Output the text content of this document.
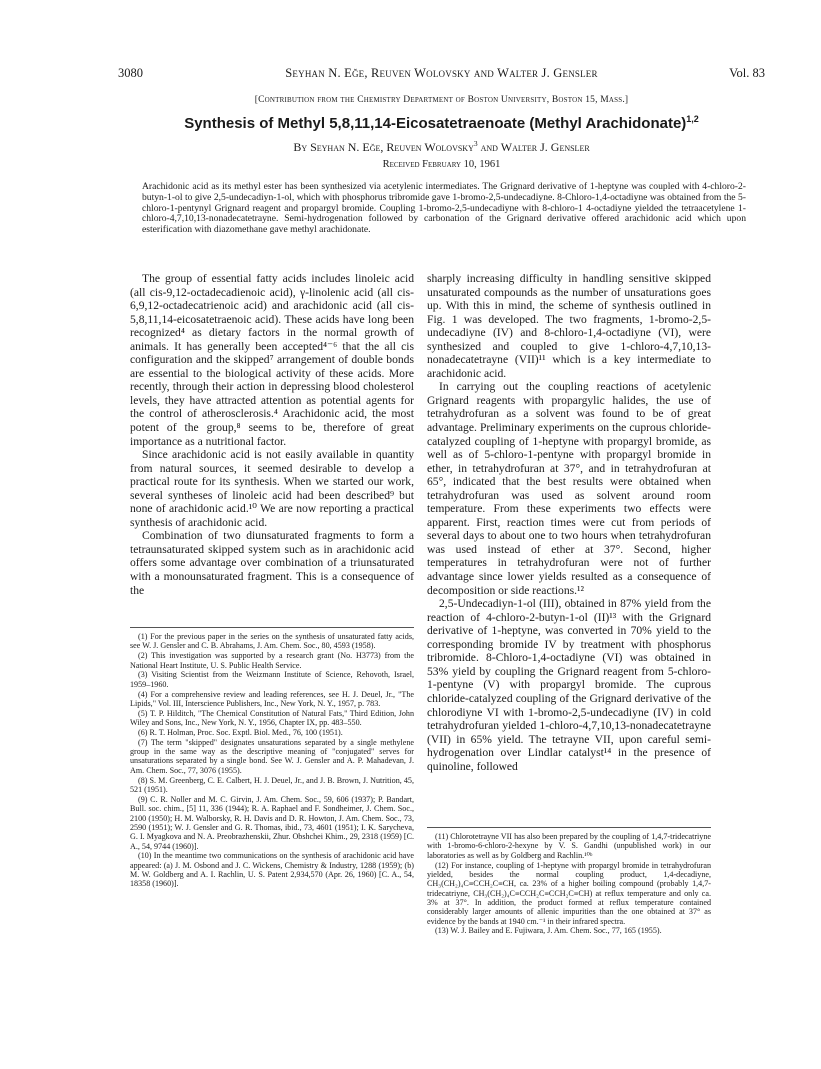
3080	Seyhan N. Eğe, Reuven Wolovsky and Walter J. Gensler	Vol. 83
[Contribution from the Chemistry Department of Boston University, Boston 15, Mass.]
Synthesis of Methyl 5,8,11,14-Eicosatetraenoate (Methyl Arachidonate)$^{1,2}$
By Seyhan N. Eğe, Reuven Wolovsky$^3$ and Walter J. Gensler
Received February 10, 1961
Arachidonic acid as its methyl ester has been synthesized via acetylenic intermediates. The Grignard derivative of 1-heptyne was coupled with 4-chloro-2-butyn-1-ol to give 2,5-undecadiyn-1-ol, which with phosphorus tribromide gave 1-bromo-2,5-undecadiyne. 8-Chloro-1,4-octadiyne was obtained from the 5-chloro-1-pentynyl Grignard reagent and propargyl bromide. Coupling 1-bromo-2,5-undecadiyne with 8-chloro-1 4-octadiyne yielded the tetraacetylene 1-chloro-4,7,10,13-nonadecatetrayne. Semi-hydrogenation followed by carbonation of the Grignard derivative offered arachidonic acid which upon esterification with diazomethane gave methyl arachidonate.

The group of essential fatty acids includes linoleic acid (all cis-9,12-octadecadienoic acid), γ-linolenic acid (all cis-6,9,12-octadecatrienoic acid) and arachidonic acid (all cis-5,8,11,14-eicosatetraenoic acid). These acids have long been recognized⁴ as dietary factors in the normal growth of animals. It has generally been accepted⁴⁻⁶ that the all cis configuration and the skipped⁷ arrangement of double bonds are essential to the biological activity of these acids. More recently, through their action in depressing blood cholesterol levels, they have attracted attention as potential agents for the control of atherosclerosis.⁴ Arachidonic acid, the most potent of the group,⁸ seems to be, therefore of great importance as a nutritional factor.

Since arachidonic acid is not easily available in quantity from natural sources, it seemed desirable to develop a practical route for its synthesis. When we started our work, several syntheses of linoleic acid had been described⁹ but none of arachidonic acid.¹⁰ We are now reporting a practical synthesis of arachidonic acid.

Combination of two diunsaturated fragments to form a tetraunsaturated skipped system such as in arachidonic acid offers some advantage over combination of a triunsaturated with a monounsaturated fragment. This is a consequence of the

(1) For the previous paper in the series on the synthesis of unsaturated fatty acids, see W. J. Gensler and C. B. Abrahams, J. Am. Chem. Soc., 80, 4593 (1958).

(2) This investigation was supported by a research grant (No. H3773) from the National Heart Institute, U. S. Public Health Service.

(3) Visiting Scientist from the Weizmann Institute of Science, Rehovoth, Israel, 1959–1960.

(4) For a comprehensive review and leading references, see H. J. Deuel, Jr., "The Lipids," Vol. III, Interscience Publishers, Inc., New York, N. Y., 1957, p. 783.

(5) T. P. Hilditch, "The Chemical Constitution of Natural Fats," Third Edition, John Wiley and Sons, Inc., New York, N. Y., 1956, Chapter IX, pp. 483–550.

(6) R. T. Holman, Proc. Soc. Exptl. Biol. Med., 76, 100 (1951).

(7) The term "skipped" designates unsaturations separated by a single methylene group in the same way as the descriptive meaning of "conjugated" serves for unsaturations separated by a single bond. See W. J. Gensler and A. P. Mahadevan, J. Am. Chem. Soc., 77, 3076 (1955).

(8) S. M. Greenberg, C. E. Calbert, H. J. Deuel, Jr., and J. B. Brown, J. Nutrition, 45, 521 (1951).

(9) C. R. Noller and M. C. Girvin, J. Am. Chem. Soc., 59, 606 (1937); P. Bandart, Bull. soc. chim., [5] 11, 336 (1944); R. A. Raphael and F. Sondheimer, J. Chem. Soc., 2100 (1950); H. M. Walborsky, R. H. Davis and D. R. Howton, J. Am. Chem. Soc., 73, 2590 (1951); W. J. Gensler and G. R. Thomas, ibid., 73, 4601 (1951); I. K. Sarycheva, G. I. Myagkova and N. A. Preobrazhenskii, Zhur. Obshchei Khim., 29, 2318 (1959) [C. A., 54, 9744 (1960)].

(10) In the meantime two communications on the synthesis of arachidonic acid have appeared: (a) J. M. Osbond and J. C. Wickens, Chemistry & Industry, 1288 (1959); (b) M. W. Goldberg and A. I. Rachlin, U. S. Patent 2,934,570 (Apr. 26, 1960) [C. A., 54, 18358 (1960)].

sharply increasing difficulty in handling sensitive skipped unsaturated compounds as the number of unsaturations goes up. With this in mind, the scheme of synthesis outlined in Fig. 1 was developed. The two fragments, 1-bromo-2,5-undecadiyne (IV) and 8-chloro-1,4-octadiyne (VI), were synthesized and coupled to give 1-chloro-4,7,10,13-nonadecatetrayne (VII)¹¹ which is a key intermediate to arachidonic acid.

In carrying out the coupling reactions of acetylenic Grignard reagents with propargylic halides, the use of tetrahydrofuran as a solvent was found to be of great advantage. Preliminary experiments on the cuprous chloride-catalyzed coupling of 1-heptyne with propargyl bromide, as well as of 5-chloro-1-pentyne with propargyl bromide in ether, in tetrahydrofuran at 37°, and in tetrahydrofuran at 65°, indicated that the best results were obtained when tetrahydrofuran was used as solvent around room temperature. From these experiments two effects were apparent. First, reaction times were cut from periods of several days to about one to two hours when tetrahydrofuran was used instead of ether at 37°. Second, higher temperatures in tetrahydrofuran were not of further advantage since lower yields resulted as a consequence of decomposition or side reactions.¹²

2,5-Undecadiyn-1-ol (III), obtained in 87% yield from the reaction of 4-chloro-2-butyn-1-ol (II)¹³ with the Grignard derivative of 1-heptyne, was converted in 70% yield to the corresponding bromide IV by treatment with phosphorus tribromide. 8-Chloro-1,4-octadiyne (VI) was obtained in 53% yield by coupling the Grignard reagent from 5-chloro-1-pentyne (V) with propargyl bromide. The cuprous chloride-catalyzed coupling of the Grignard derivative of the chlorodiyne VI with 1-bromo-2,5-undecadiyne (IV) in cold tetrahydrofuran yielded 1-chloro-4,7,10,13-nonadecatetrayne (VII) in 65% yield. The tetrayne VII, upon careful semi-hydrogenation over Lindlar catalyst¹⁴ in the presence of quinoline, followed

(11) Chlorotetrayne VII has also been prepared by the coupling of 1,4,7-tridecatriyne with 1-bromo-6-chloro-2-hexyne by V. S. Gandhi (unpublished work) in our laboratories as well as by Goldberg and Rachlin.¹⁰ᵇ

(12) For instance, coupling of 1-heptyne with propargyl bromide in tetrahydrofuran yielded, besides the normal coupling product, 1,4-decadiyne, CH₃(CH₂)₄C≡CCH₂C≡CH, ca. 23% of a higher boiling compound (probably 1,4,7-tridecatriyne, CH₃(CH₂)₄C≡CCH₂C≡CCH₂C≡CH) at reflux temperature and only ca. 3% at 37°. In addition, the product formed at reflux temperature contained considerably larger amounts of allenic impurities than the one obtained at 37° as evidence by the bands at 1940 cm.⁻¹ in their infrared spectra.

(13) W. J. Bailey and E. Fujiwara, J. Am. Chem. Soc., 77, 165 (1955).
